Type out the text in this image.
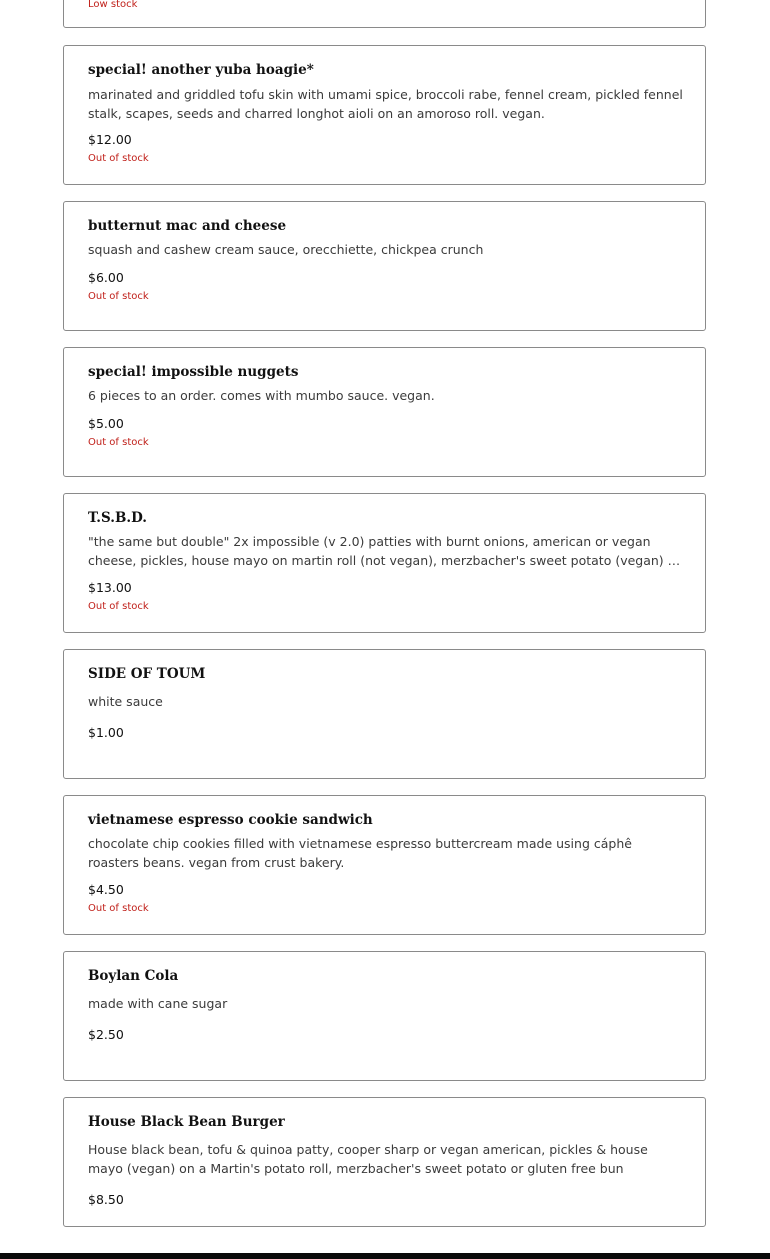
Low stock
special! another yuba hoagie*
marinated and griddled tofu skin with umami spice, broccoli rabe, fennel cream, pickled fennel stalk, scapes, seeds and charred longhot aioli on an amoroso roll. vegan.
$12.00
Out of stock
butternut mac and cheese
squash and cashew cream sauce, orecchiette, chickpea crunch
$6.00
Out of stock
special! impossible nuggets
6 pieces to an order. comes with mumbo sauce. vegan.
$5.00
Out of stock
T.S.B.D.
"the same but double" 2x impossible (v 2.0) patties with burnt onions, american or vegan cheese, pickles, house mayo on martin roll (not vegan), merzbacher's sweet potato (vegan) or
$13.00
Out of stock
SIDE OF TOUM
white sauce
$1.00
vietnamese espresso cookie sandwich
chocolate chip cookies filled with vietnamese espresso buttercream made using cáphê roasters beans. vegan from crust bakery.
$4.50
Out of stock
Boylan Cola
made with cane sugar
$2.50
House Black Bean Burger
House black bean, tofu & quinoa patty, cooper sharp or vegan american, pickles & house mayo (vegan) on a Martin's potato roll, merzbacher's sweet potato or gluten free bun
$8.50
